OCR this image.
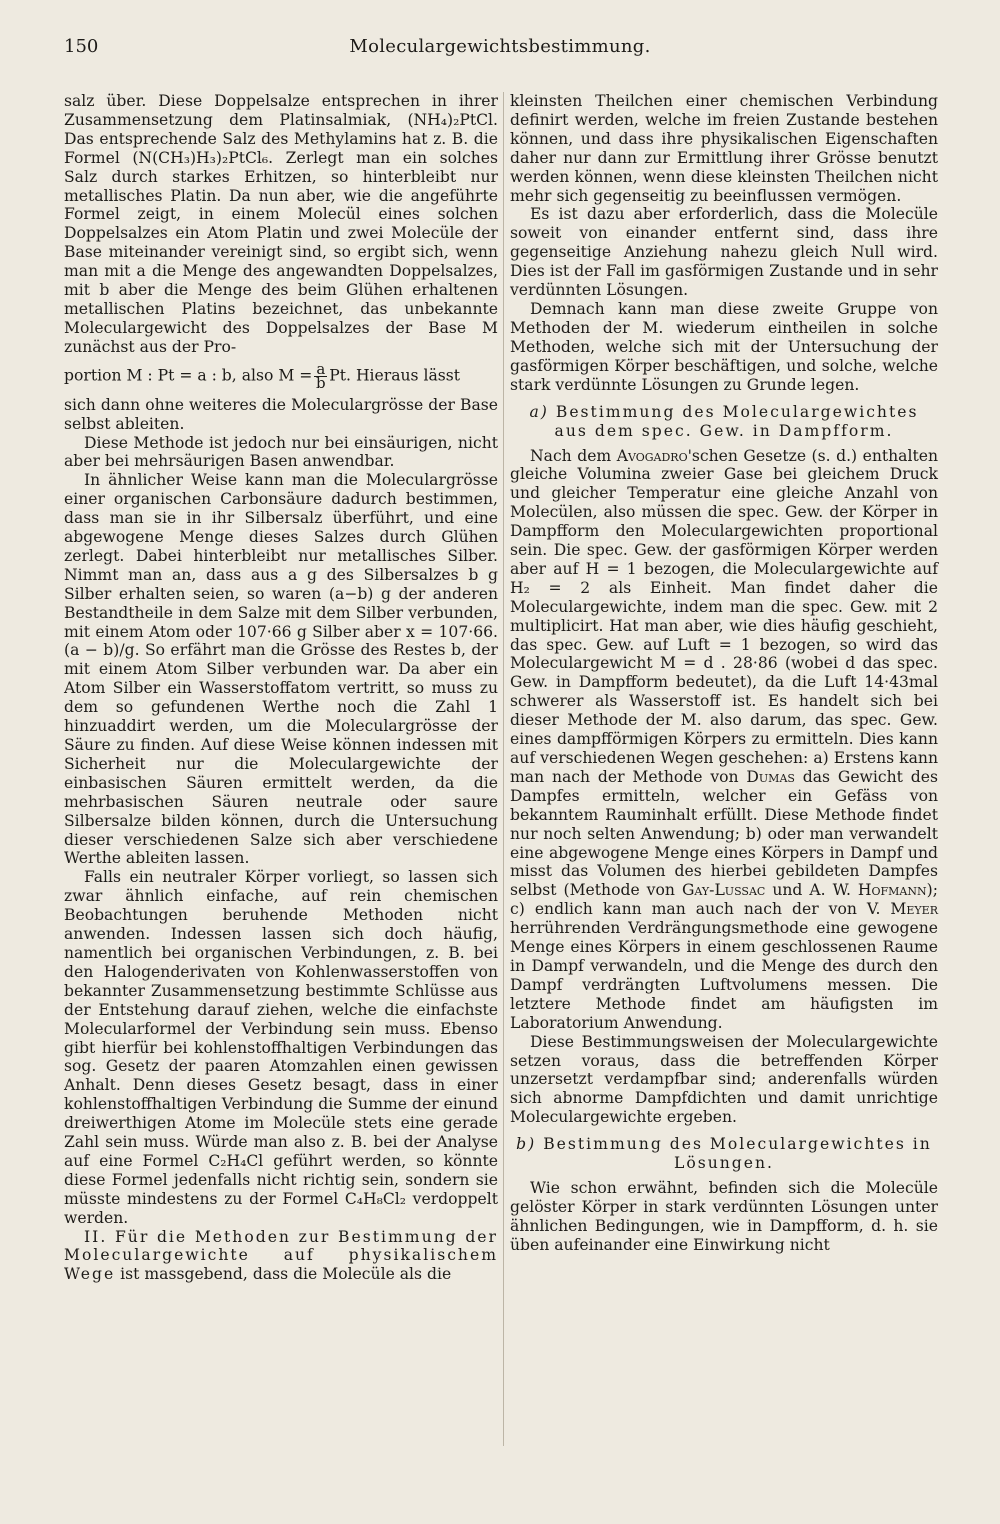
150	Moleculargewichtsbestimmung.

salz über. Diese Doppelsalze entsprechen in ihrer Zusammensetzung dem Platinsalmiak, (NH₄)₂PtCl. Das entsprechende Salz des Methylamins hat z. B. die Formel (N(CH₃)H₃)₂PtCl₆. Zerlegt man ein solches Salz durch starkes Erhitzen, so hinterbleibt nur metallisches Platin. Da nun aber, wie die angeführte Formel zeigt, in einem Molecül eines solchen Doppelsalzes ein Atom Platin und zwei Molecüle der Base miteinander vereinigt sind, so ergibt sich, wenn man mit a die Menge des angewandten Doppelsalzes, mit b aber die Menge des beim Glühen erhaltenen metallischen Platins bezeichnet, das unbekannte Moleculargewicht des Doppelsalzes der Base M zunächst aus der Pro-

portion M : Pt = a : b, also $M = \frac{a}{b} Pt$. Hieraus lässt

sich dann ohne weiteres die Moleculargrösse der Base selbst ableiten.

Diese Methode ist jedoch nur bei einsäurigen, nicht aber bei mehrsäurigen Basen anwendbar.

In ähnlicher Weise kann man die Moleculargrösse einer organischen Carbonsäure dadurch bestimmen, dass man sie in ihr Silbersalz überführt, und eine abgewogene Menge dieses Salzes durch Glühen zerlegt. Dabei hinterbleibt nur metallisches Silber. Nimmt man an, dass aus a g des Silbersalzes b g Silber erhalten seien, so waren (a−b) g der anderen Bestandtheile in dem Salze mit dem Silber verbunden, mit einem Atom oder 107·66 g Silber aber x = 107·66. (a − b)/g. So erfährt man die Grösse des Restes b, der mit einem Atom Silber verbunden war. Da aber ein Atom Silber ein Wasserstoffatom vertritt, so muss zu dem so gefundenen Werthe noch die Zahl 1 hinzuaddirt werden, um die Moleculargrösse der Säure zu finden. Auf diese Weise können indessen mit Sicherheit nur die Moleculargewichte der einbasischen Säuren ermittelt werden, da die mehrbasischen Säuren neutrale oder saure Silbersalze bilden können, durch die Untersuchung dieser verschiedenen Salze sich aber verschiedene Werthe ableiten lassen.

Falls ein neutraler Körper vorliegt, so lassen sich zwar ähnlich einfache, auf rein chemischen Beobachtungen beruhende Methoden nicht anwenden. Indessen lassen sich doch häufig, namentlich bei organischen Verbindungen, z. B. bei den Halogenderivaten von Kohlenwasserstoffen von bekannter Zusammensetzung bestimmte Schlüsse aus der Entstehung darauf ziehen, welche die einfachste Molecularformel der Verbindung sein muss. Ebenso gibt hierfür bei kohlenstoffhaltigen Verbindungen das sog. Gesetz der paaren Atomzahlen einen gewissen Anhalt. Denn dieses Gesetz besagt, dass in einer kohlenstoffhaltigen Verbindung die Summe der einund dreiwerthigen Atome im Molecüle stets eine gerade Zahl sein muss. Würde man also z. B. bei der Analyse auf eine Formel C₂H₄Cl geführt werden, so könnte diese Formel jedenfalls nicht richtig sein, sondern sie müsste mindestens zu der Formel C₄H₈Cl₂ verdoppelt werden.

II. Für die Methoden zur Bestimmung der Moleculargewichte auf physikalischem Wege ist massgebend, dass die Molecüle als die

kleinsten Theilchen einer chemischen Verbindung definirt werden, welche im freien Zustande bestehen können, und dass ihre physikalischen Eigenschaften daher nur dann zur Ermittlung ihrer Grösse benutzt werden können, wenn diese kleinsten Theilchen nicht mehr sich gegenseitig zu beeinflussen vermögen.

Es ist dazu aber erforderlich, dass die Molecüle soweit von einander entfernt sind, dass ihre gegenseitige Anziehung nahezu gleich Null wird. Dies ist der Fall im gasförmigen Zustande und in sehr verdünnten Lösungen.

Demnach kann man diese zweite Gruppe von Methoden der M. wiederum eintheilen in solche Methoden, welche sich mit der Untersuchung der gasförmigen Körper beschäftigen, und solche, welche stark verdünnte Lösungen zu Grunde legen.

a) Bestimmung des Moleculargewichtes aus dem spec. Gew. in Dampfform.

Nach dem Avogadro'schen Gesetze (s. d.) enthalten gleiche Volumina zweier Gase bei gleichem Druck und gleicher Temperatur eine gleiche Anzahl von Molecülen, also müssen die spec. Gew. der Körper in Dampfform den Moleculargewichten proportional sein. Die spec. Gew. der gasförmigen Körper werden aber auf H = 1 bezogen, die Moleculargewichte auf H₂ = 2 als Einheit. Man findet daher die Moleculargewichte, indem man die spec. Gew. mit 2 multiplicirt. Hat man aber, wie dies häufig geschieht, das spec. Gew. auf Luft = 1 bezogen, so wird das Moleculargewicht M = d . 28·86 (wobei d das spec. Gew. in Dampfform bedeutet), da die Luft 14·43mal schwerer als Wasserstoff ist. Es handelt sich bei dieser Methode der M. also darum, das spec. Gew. eines dampfförmigen Körpers zu ermitteln. Dies kann auf verschiedenen Wegen geschehen: a) Erstens kann man nach der Methode von Dumas das Gewicht des Dampfes ermitteln, welcher ein Gefäss von bekanntem Rauminhalt erfüllt. Diese Methode findet nur noch selten Anwendung; b) oder man verwandelt eine abgewogene Menge eines Körpers in Dampf und misst das Volumen des hierbei gebildeten Dampfes selbst (Methode von Gay-Lussac und A. W. Hofmann); c) endlich kann man auch nach der von V. Meyer herrührenden Verdrängungsmethode eine gewogene Menge eines Körpers in einem geschlossenen Raume in Dampf verwandeln, und die Menge des durch den Dampf verdrängten Luftvolumens messen. Die letztere Methode findet am häufigsten im Laboratorium Anwendung.

Diese Bestimmungsweisen der Moleculargewichte setzen voraus, dass die betreffenden Körper unzersetzt verdampfbar sind; anderenfalls würden sich abnorme Dampfdichten und damit unrichtige Moleculargewichte ergeben.

b) Bestimmung des Moleculargewichtes in Lösungen.

Wie schon erwähnt, befinden sich die Molecüle gelöster Körper in stark verdünnten Lösungen unter ähnlichen Bedingungen, wie in Dampfform, d. h. sie üben aufeinander eine Einwirkung nicht
